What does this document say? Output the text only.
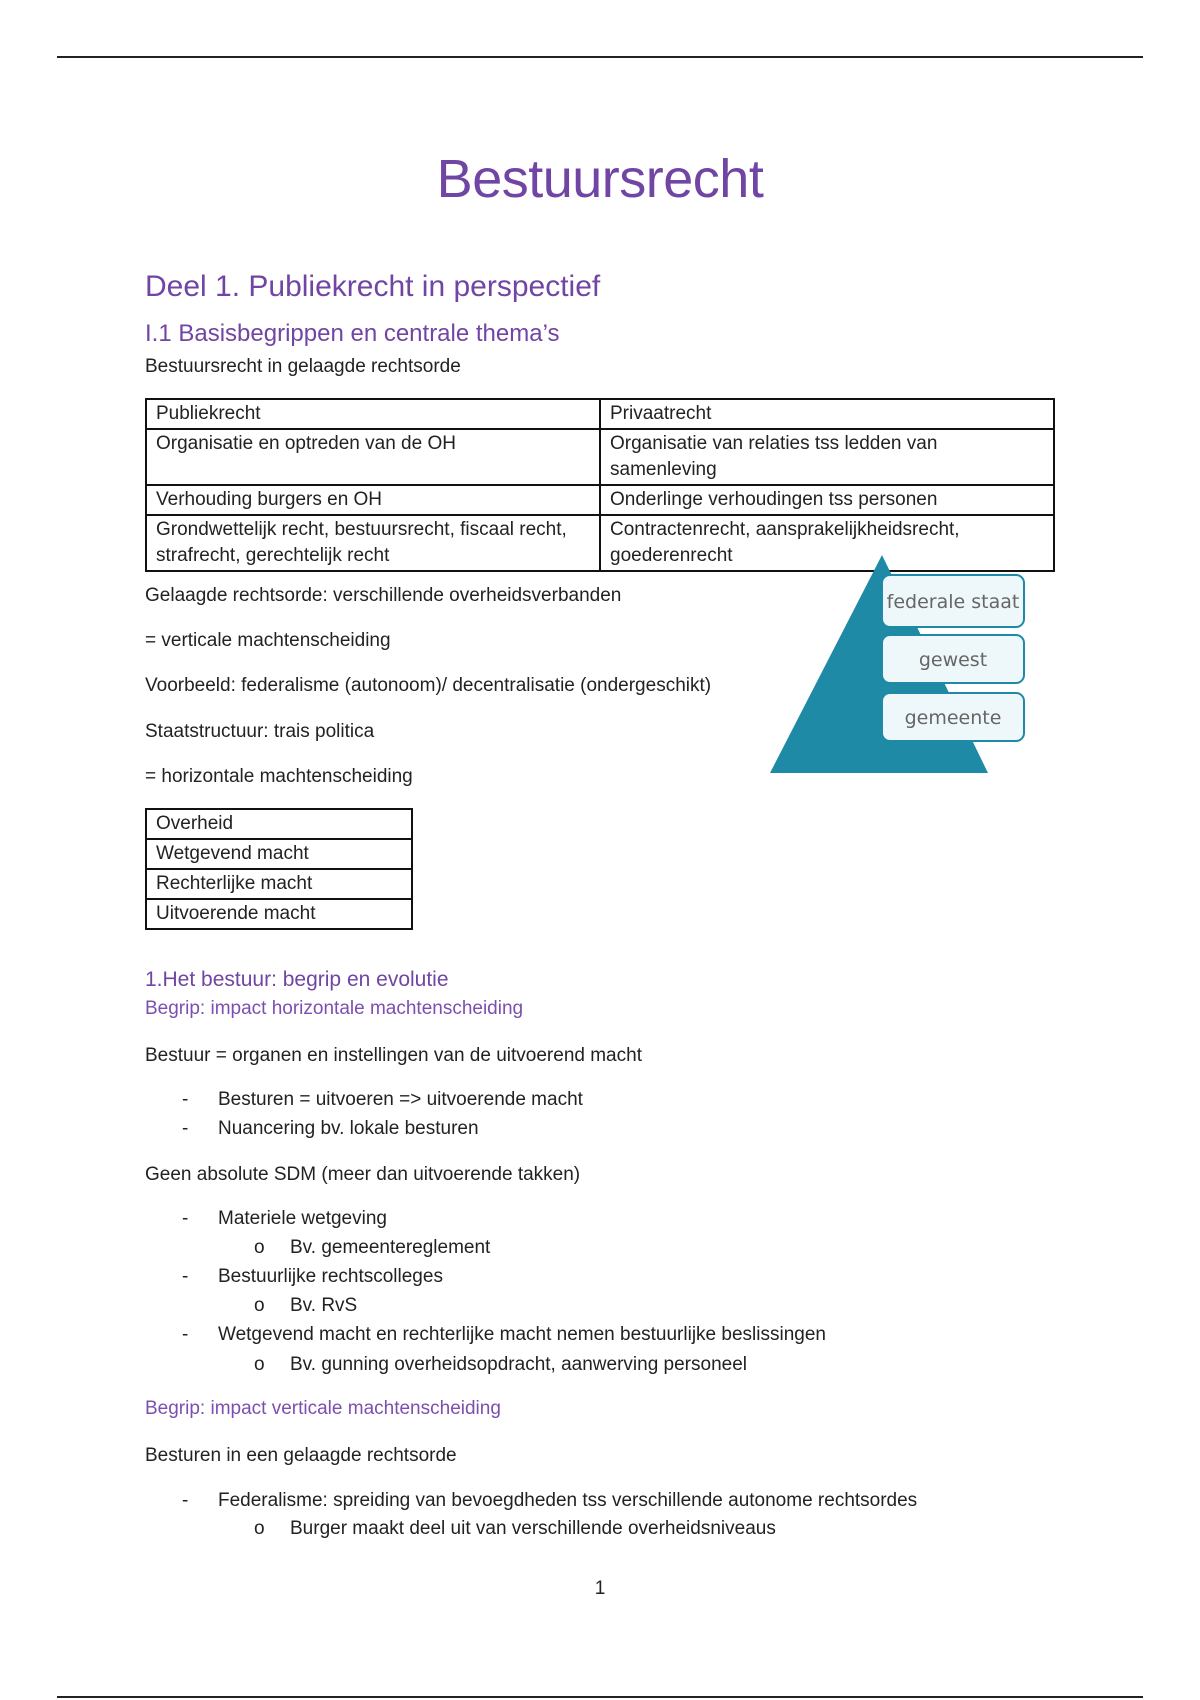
Bestuursrecht
Deel 1. Publiekrecht in perspectief
I.1 Basisbegrippen en centrale thema’s
Bestuursrecht in gelaagde rechtsorde
Publiekrecht	Privaatrecht
Organisatie en optreden van de OH	Organisatie van relaties tss ledden van samenleving
Verhouding burgers en OH	Onderlinge verhoudingen tss personen
Grondwettelijk recht, bestuursrecht, fiscaal recht, strafrecht, gerechtelijk recht	Contractenrecht, aansprakelijkheidsrecht, goederenrecht
Gelaagde rechtsorde: verschillende overheidsverbanden
= verticale machtenscheiding
Voorbeeld: federalisme (autonoom)/ decentralisatie (ondergeschikt)
Staatstructuur: trais politica
= horizontale machtenscheiding
federale staat
gewest
gemeente
Overheid
Wetgevend macht
Rechterlijke macht
Uitvoerende macht
1.Het bestuur: begrip en evolutie
Begrip: impact horizontale machtenscheiding
Bestuur = organen en instellingen van de uitvoerend macht
- Besturen = uitvoeren => uitvoerende macht
- Nuancering bv. lokale besturen
Geen absolute SDM (meer dan uitvoerende takken)
- Materiele wetgeving
o Bv. gemeentereglement
- Bestuurlijke rechtscolleges
o Bv. RvS
- Wetgevend macht en rechterlijke macht nemen bestuurlijke beslissingen
o Bv. gunning overheidsopdracht, aanwerving personeel
Begrip: impact verticale machtenscheiding
Besturen in een gelaagde rechtsorde
- Federalisme: spreiding van bevoegdheden tss verschillende autonome rechtsordes
o Burger maakt deel uit van verschillende overheidsniveaus
1
